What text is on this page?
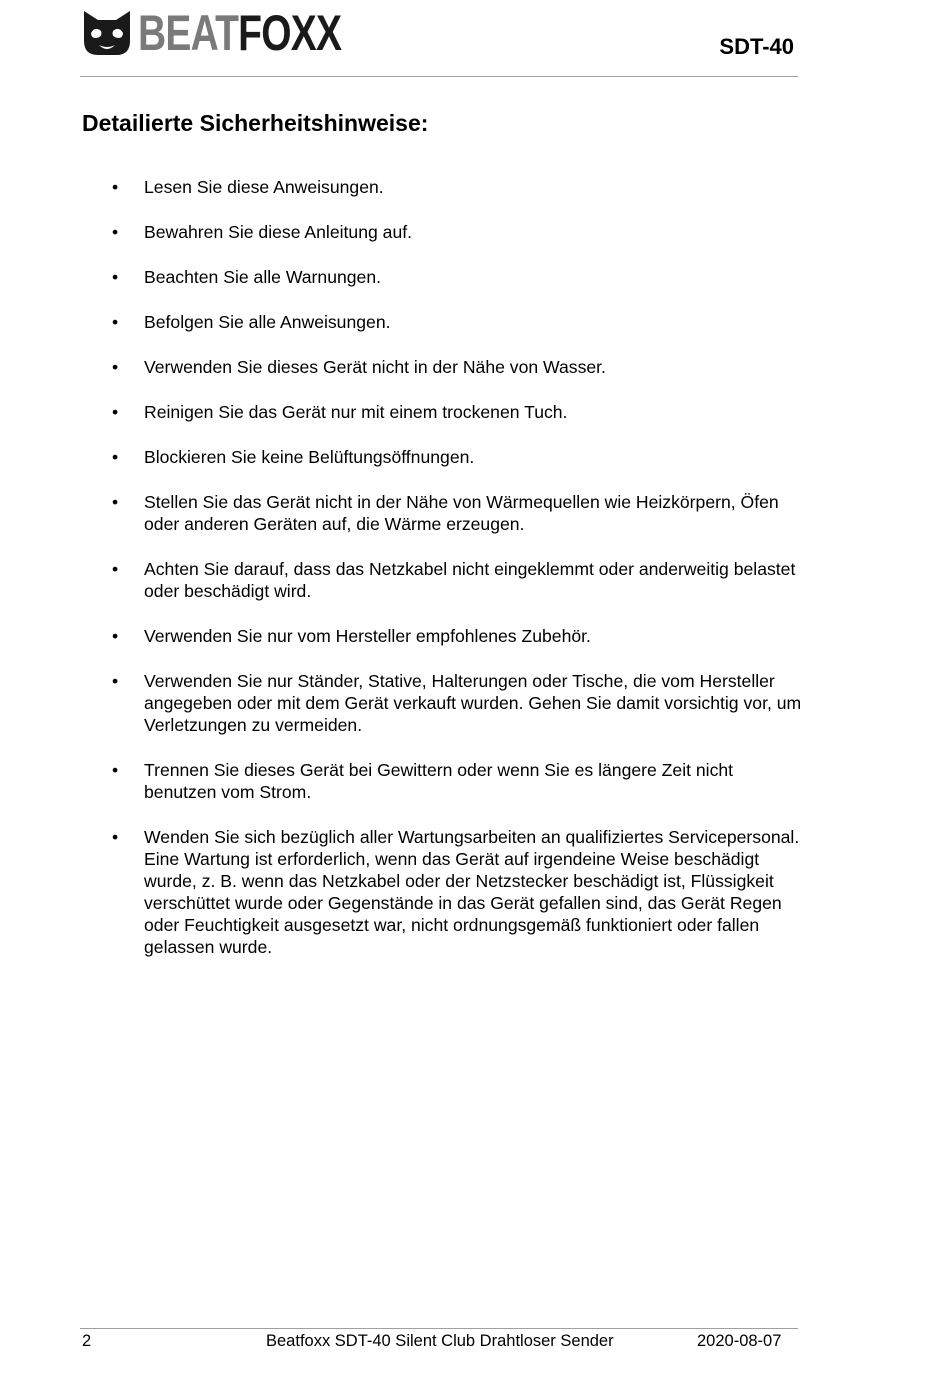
BEATFOXX	SDT-40
Detailierte Sicherheitshinweise:
• Lesen Sie diese Anweisungen.
• Bewahren Sie diese Anleitung auf.
• Beachten Sie alle Warnungen.
• Befolgen Sie alle Anweisungen.
• Verwenden Sie dieses Gerät nicht in der Nähe von Wasser.
• Reinigen Sie das Gerät nur mit einem trockenen Tuch.
• Blockieren Sie keine Belüftungsöffnungen.
• Stellen Sie das Gerät nicht in der Nähe von Wärmequellen wie Heizkörpern, Öfen oder anderen Geräten auf, die Wärme erzeugen.
• Achten Sie darauf, dass das Netzkabel nicht eingeklemmt oder anderweitig belastet oder beschädigt wird.
• Verwenden Sie nur vom Hersteller empfohlenes Zubehör.
• Verwenden Sie nur Ständer, Stative, Halterungen oder Tische, die vom Hersteller angegeben oder mit dem Gerät verkauft wurden. Gehen Sie damit vorsichtig vor, um Verletzungen zu vermeiden.
• Trennen Sie dieses Gerät bei Gewittern oder wenn Sie es längere Zeit nicht benutzen vom Strom.
• Wenden Sie sich bezüglich aller Wartungsarbeiten an qualifiziertes Servicepersonal. Eine Wartung ist erforderlich, wenn das Gerät auf irgendeine Weise beschädigt wurde, z. B. wenn das Netzkabel oder der Netzstecker beschädigt ist, Flüssigkeit verschüttet wurde oder Gegenstände in das Gerät gefallen sind, das Gerät Regen oder Feuchtigkeit ausgesetzt war, nicht ordnungsgemäß funktioniert oder fallen gelassen wurde.
2	Beatfoxx SDT-40 Silent Club Drahtloser Sender	2020-08-07
